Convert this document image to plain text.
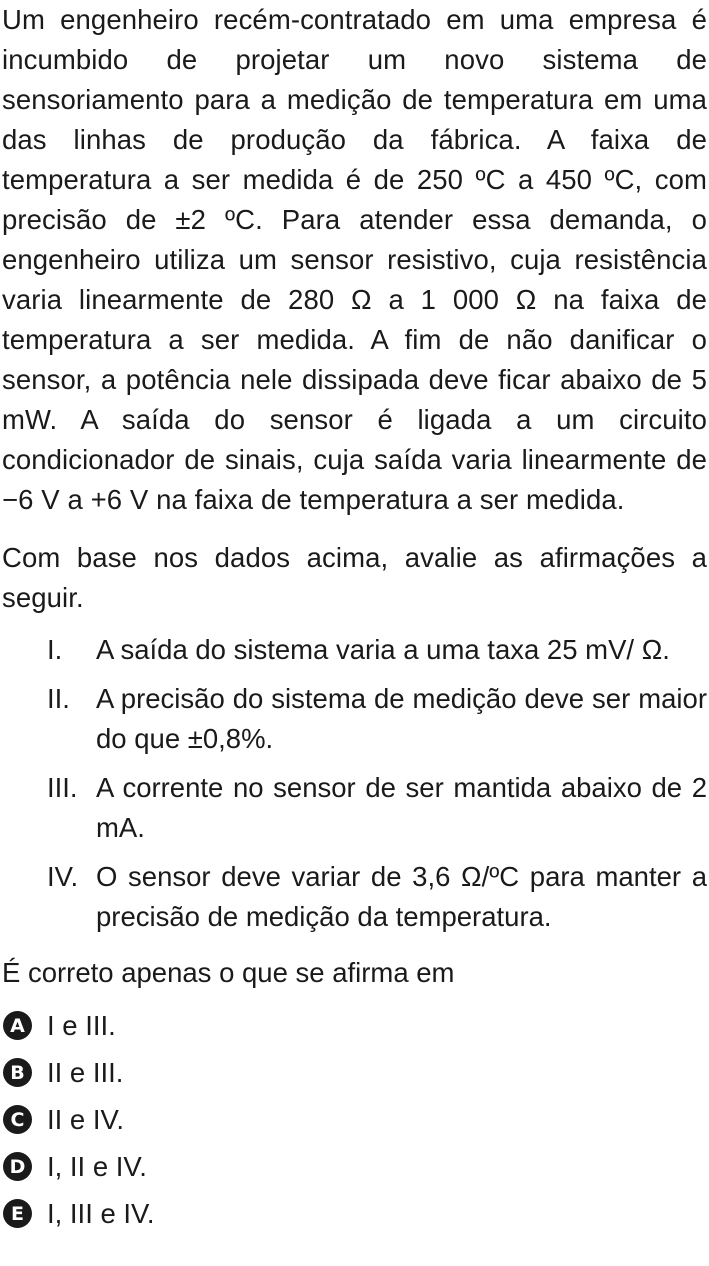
Um engenheiro recém-contratado em uma empresa é incumbido de projetar um novo sistema de sensoriamento para a medição de temperatura em uma das linhas de produção da fábrica. A faixa de temperatura a ser medida é de 250 ºC a 450 ºC, com precisão de ±2 ºC. Para atender essa demanda, o engenheiro utiliza um sensor resistivo, cuja resistência varia linearmente de 280 Ω a 1 000 Ω na faixa de temperatura a ser medida. A fim de não danificar o sensor, a potência nele dissipada deve ficar abaixo de 5 mW. A saída do sensor é ligada a um circuito condicionador de sinais, cuja saída varia linearmente de −6 V a +6 V na faixa de temperatura a ser medida.

Com base nos dados acima, avalie as afirmações a seguir.

I.	A saída do sistema varia a uma taxa 25 mV/ Ω.
II. A precisão do sistema de medição deve ser maior do que ±0,8%.
III. A corrente no sensor de ser mantida abaixo de 2 mA.
IV. O sensor deve variar de 3,6 Ω/ºC para manter a precisão de medição da temperatura.

É correto apenas o que se afirma em

A I e III.
B II e III.
C II e IV.
D I, II e IV.
E I, III e IV.
